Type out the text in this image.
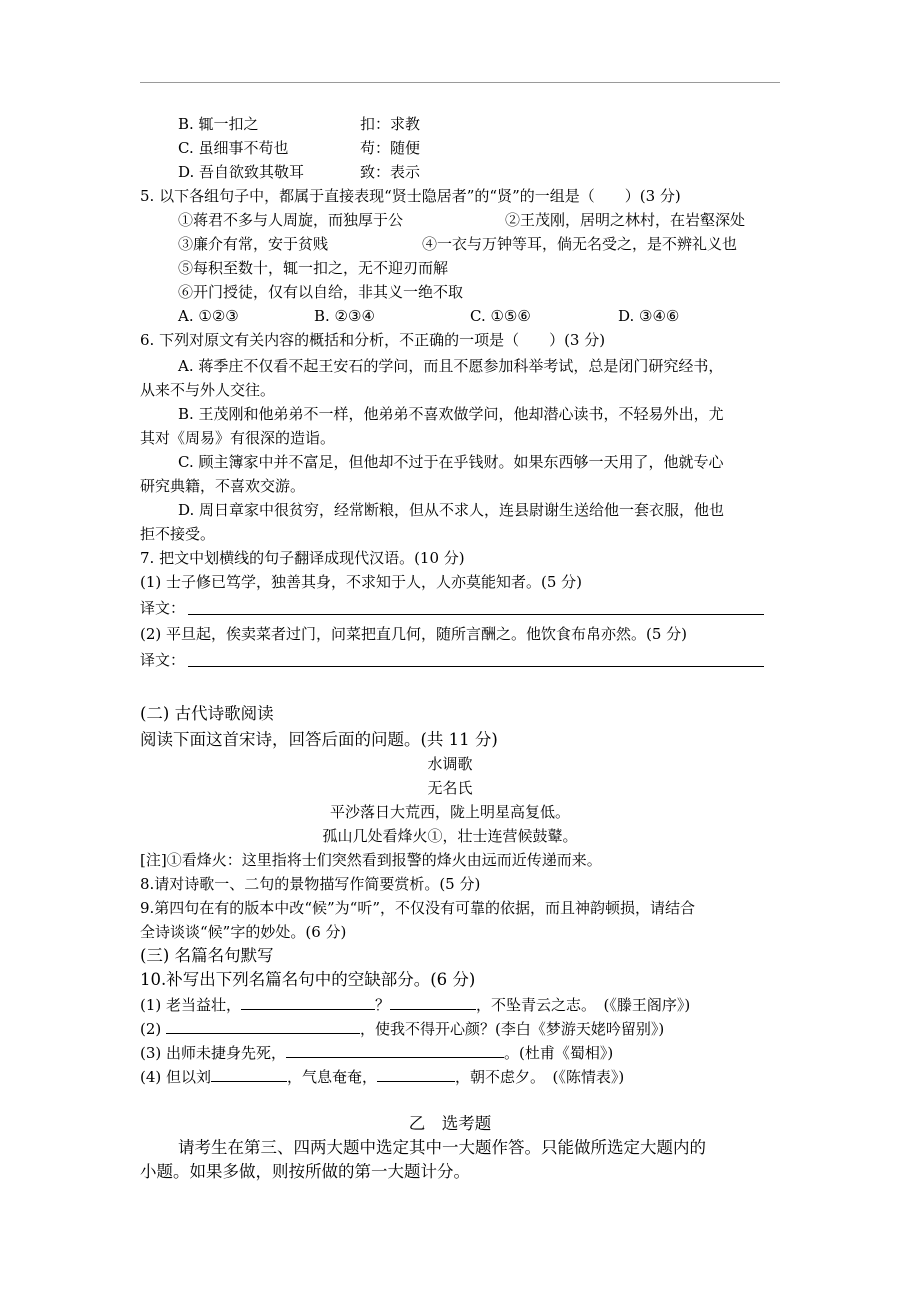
B. 辄一扣之	扣：求教
C. 虽细事不苟也	苟：随便
D. 吾自欲致其敬耳	致：表示
5. 以下各组句子中，都属于直接表现“贤士隐居者”的“贤”的一组是（　　）(3 分)
①蒋君不多与人周旋，而独厚于公	②王茂刚，居明之林村，在岩壑深处
③廉介有常，安于贫贱	④一衣与万钟等耳，倘无名受之，是不辨礼义也
⑤每积至数十，辄一扣之，无不迎刃而解
⑥开门授徒，仅有以自给，非其义一绝不取
A. ①②③	B. ②③④	C. ①⑤⑥	D. ③④⑥
6. 下列对原文有关内容的概括和分析，不正确的一项是（　　）(3 分)
A. 蒋季庄不仅看不起王安石的学问，而且不愿参加科举考试，总是闭门研究经书，
从来不与外人交往。
B. 王茂刚和他弟弟不一样，他弟弟不喜欢做学问，他却潜心读书，不轻易外出，尤
其对《周易》有很深的造诣。
C. 顾主簿家中并不富足，但他却不过于在乎钱财。如果东西够一天用了，他就专心
研究典籍，不喜欢交游。
D. 周日章家中很贫穷，经常断粮，但从不求人，连县尉谢生送给他一套衣服，他也
拒不接受。
7. 把文中划横线的句子翻译成现代汉语。(10 分)
(1) 士子修已笃学，独善其身，不求知于人，人亦莫能知者。(5 分)
译文：
(2) 平旦起，俟卖菜者过门，问菜把直几何，随所言酬之。他饮食布帛亦然。(5 分)
译文：
(二) 古代诗歌阅读
阅读下面这首宋诗，回答后面的问题。(共 11 分)
水调歌
无名氏
平沙落日大荒西，陇上明星高复低。
孤山几处看烽火①，壮士连营候鼓鼙。
[注]①看烽火：这里指将士们突然看到报警的烽火由远而近传递而来。
8.请对诗歌一、二句的景物描写作简要赏析。(5 分)
9.第四句在有的版本中改“候”为“听”，不仅没有可靠的依据，而且神韵顿损，请结合
全诗谈谈“候”字的妙处。(6 分)
(三) 名篇名句默写
10.补写出下列名篇名句中的空缺部分。(6 分)
(1) 老当益壮，	？	，不坠青云之志。　(《滕王阁序》)
(2)	，使我不得开心颜？(李白《梦游天姥吟留别》)
(3) 出师未捷身先死，	。(杜甫《蜀相》)
(4) 但以刘	，气息奄奄，	，朝不虑夕。　(《陈情表》)
乙　选考题
请考生在第三、四两大题中选定其中一大题作答。只能做所选定大题内的
小题。如果多做，则按所做的第一大题计分。
